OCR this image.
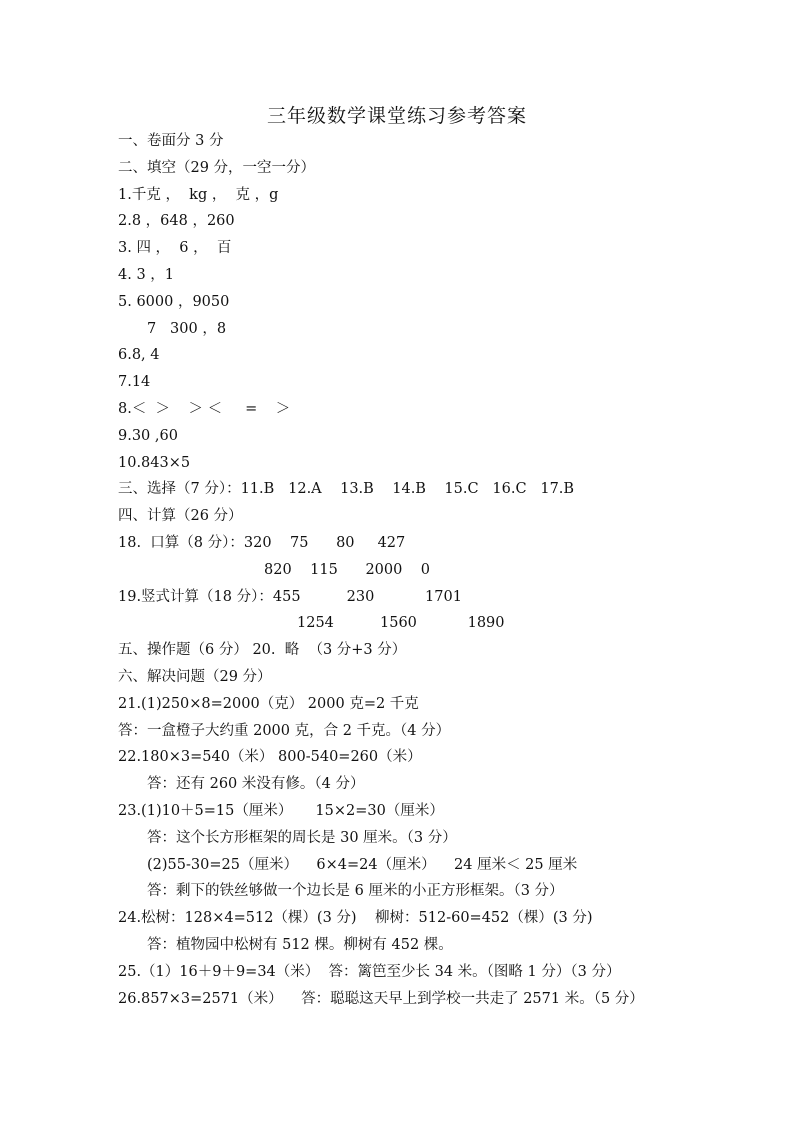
三年级数学课堂练习参考答案
一、卷面分 3 分
二、填空（29 分，一空一分）
1.千克 ，  kg ，  克 ，g
2.8 ，648 ，260
3. 四 ，  6 ，  百
4. 3 ，1
5. 6000 ，9050
7   300 ，8
6.8, 4
7.14
8.＜  ＞    ＞ ＜     =    ＞
9.30 ,60
10.843×5
三、选择（7 分）：11.B   12.A    13.B    14.B    15.C   16.C   17.B
四、计算（26 分）
18.  口算（8 分）：320    75      80     427
820    115      2000    0
19.竖式计算（18 分）：455          230           1701
1254          1560           1890
五、操作题（6 分） 20.  略  （3 分+3 分）
六、解决问题（29 分）
21.(1)250×8=2000（克） 2000 克=2 千克
答：一盒橙子大约重 2000 克，合 2 千克。（4 分）
22.180×3=540（米） 800-540=260（米）
答：还有 260 米没有修。（4 分）
23.(1)10＋5=15（厘米）     15×2=30（厘米）
答：这个长方形框架的周长是 30 厘米。（3 分）
(2)55-30=25（厘米）    6×4=24（厘米）    24 厘米＜ 25 厘米
答：剩下的铁丝够做一个边长是 6 厘米的小正方形框架。（3 分）
24.松树：128×4=512（棵）(3 分)    柳树：512-60=452（棵）(3 分)
答：植物园中松树有 512 棵。柳树有 452 棵。
25.（1）16＋9＋9=34（米）  答：篱笆至少长 34 米。（图略 1 分）（3 分）
26.857×3=2571（米）    答：聪聪这天早上到学校一共走了 2571 米。（5 分）
